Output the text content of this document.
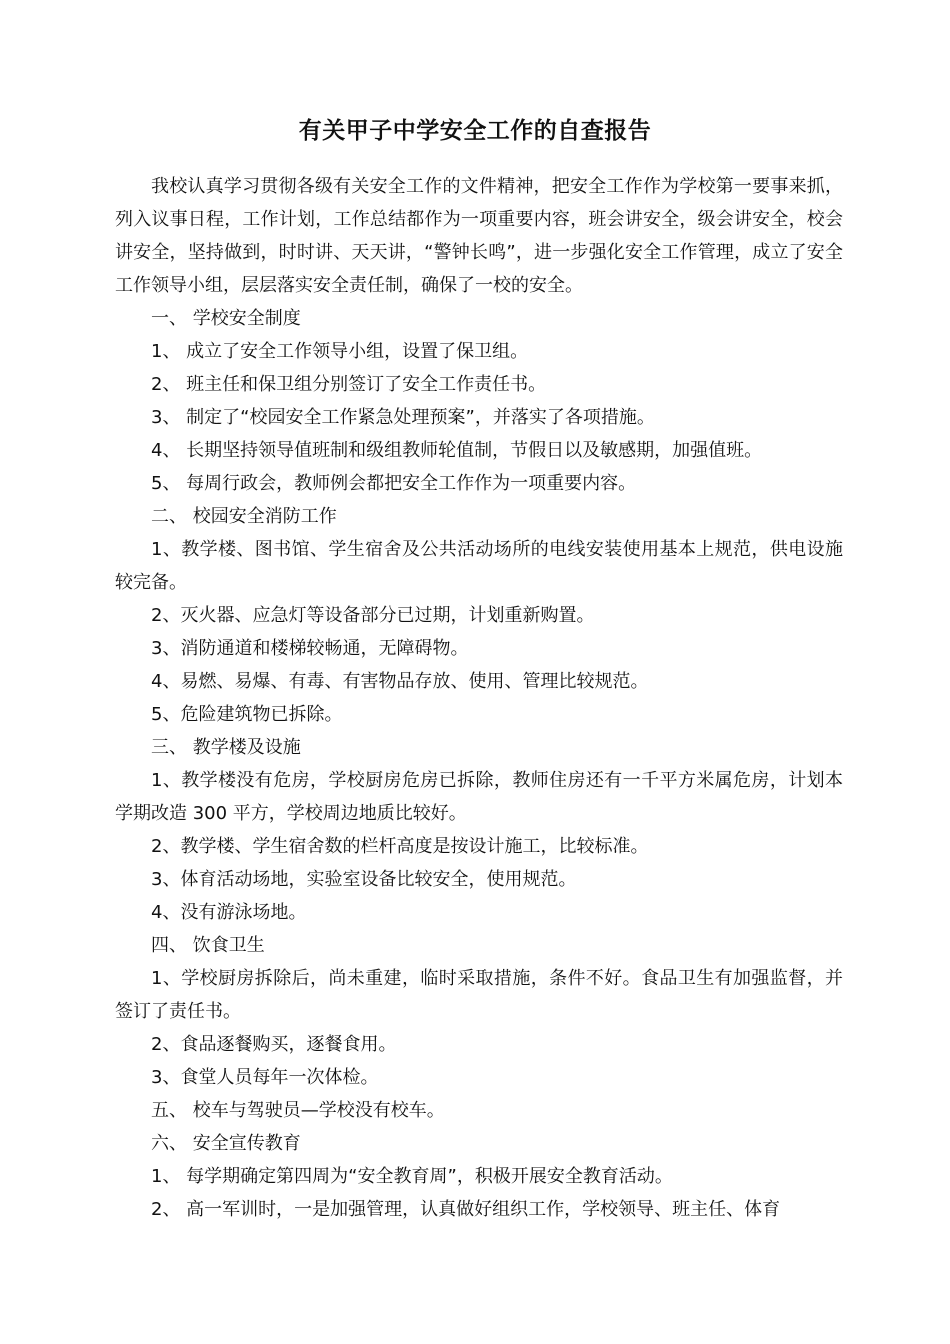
有关甲子中学安全工作的自查报告

我校认真学习贯彻各级有关安全工作的文件精神，把安全工作作为学校第一要事来抓，列入议事日程，工作计划，工作总结都作为一项重要内容，班会讲安全，级会讲安全，校会讲安全，坚持做到，时时讲、天天讲，“警钟长鸣”，进一步强化安全工作管理，成立了安全工作领导小组，层层落实安全责任制，确保了一校的安全。

一、 学校安全制度

1、 成立了安全工作领导小组，设置了保卫组。

2、 班主任和保卫组分别签订了安全工作责任书。

3、 制定了“校园安全工作紧急处理预案”，并落实了各项措施。

4、 长期坚持领导值班制和级组教师轮值制，节假日以及敏感期，加强值班。

5、 每周行政会，教师例会都把安全工作作为一项重要内容。

二、 校园安全消防工作

1、教学楼、图书馆、学生宿舍及公共活动场所的电线安装使用基本上规范，供电设施较完备。

2、灭火器、应急灯等设备部分已过期，计划重新购置。

3、消防通道和楼梯较畅通，无障碍物。

4、易燃、易爆、有毒、有害物品存放、使用、管理比较规范。

5、危险建筑物已拆除。

三、 教学楼及设施

1、教学楼没有危房，学校厨房危房已拆除，教师住房还有一千平方米属危房，计划本学期改造 300 平方，学校周边地质比较好。

2、教学楼、学生宿舍数的栏杆高度是按设计施工，比较标准。

3、体育活动场地，实验室设备比较安全，使用规范。

4、没有游泳场地。

四、 饮食卫生

1、学校厨房拆除后，尚未重建，临时采取措施，条件不好。食品卫生有加强监督，并签订了责任书。

2、食品逐餐购买，逐餐食用。

3、食堂人员每年一次体检。

五、 校车与驾驶员—学校没有校车。

六、 安全宣传教育

1、 每学期确定第四周为“安全教育周”，积极开展安全教育活动。

2、 高一军训时，一是加强管理，认真做好组织工作，学校领导、班主任、体育
